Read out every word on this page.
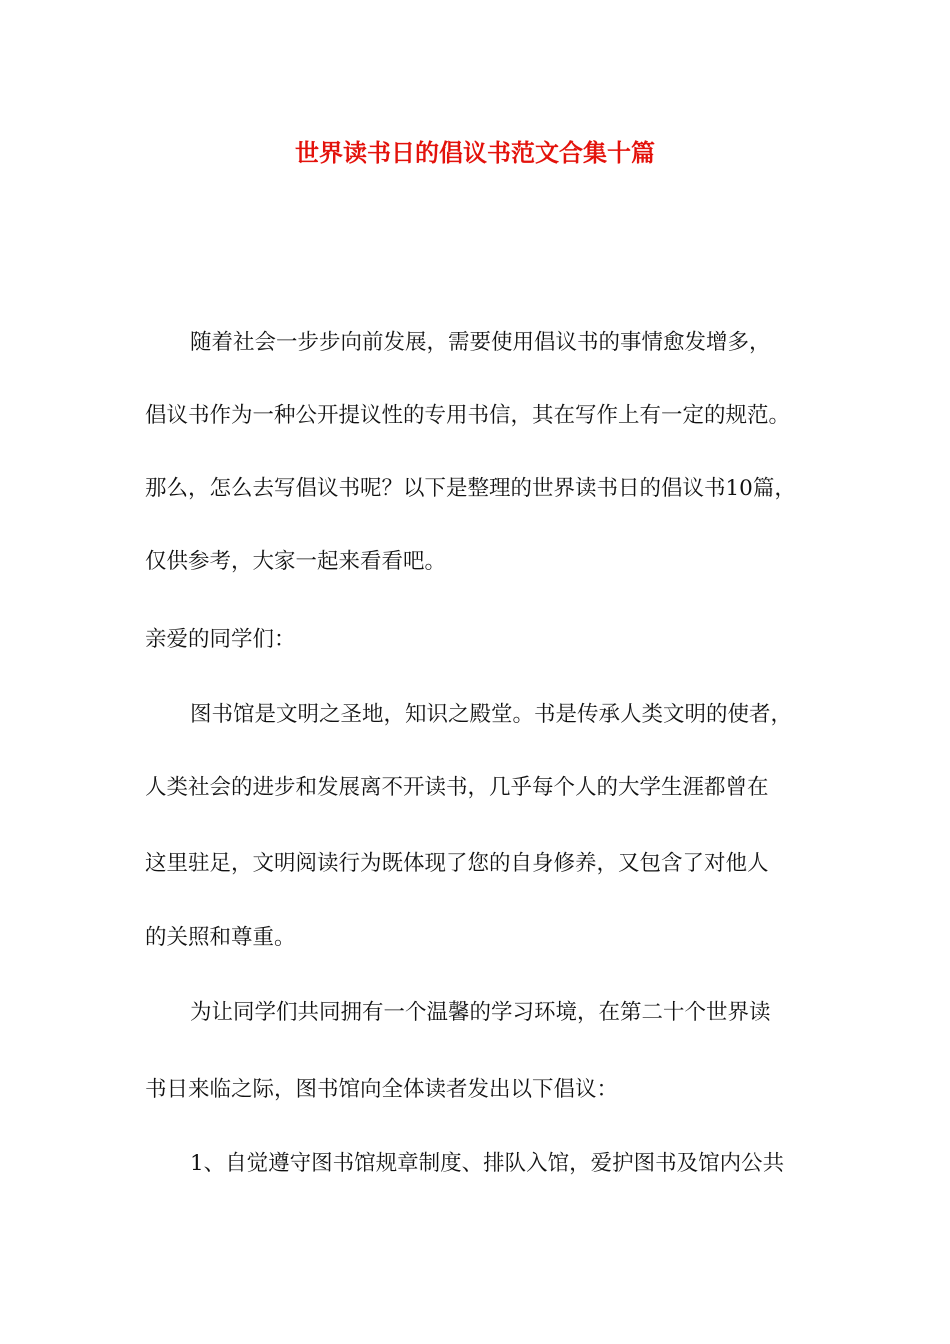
世界读书日的倡议书范文合集十篇

随着社会一步步向前发展，需要使用倡议书的事情愈发增多，

倡议书作为一种公开提议性的专用书信，其在写作上有一定的规范。

那么，怎么去写倡议书呢？以下是整理的世界读书日的倡议书10篇，

仅供参考，大家一起来看看吧。

亲爱的同学们：

图书馆是文明之圣地，知识之殿堂。书是传承人类文明的使者，

人类社会的进步和发展离不开读书，几乎每个人的大学生涯都曾在

这里驻足，文明阅读行为既体现了您的自身修养，又包含了对他人

的关照和尊重。

为让同学们共同拥有一个温馨的学习环境，在第二十个世界读

书日来临之际，图书馆向全体读者发出以下倡议：

1、自觉遵守图书馆规章制度、排队入馆，爱护图书及馆内公共
